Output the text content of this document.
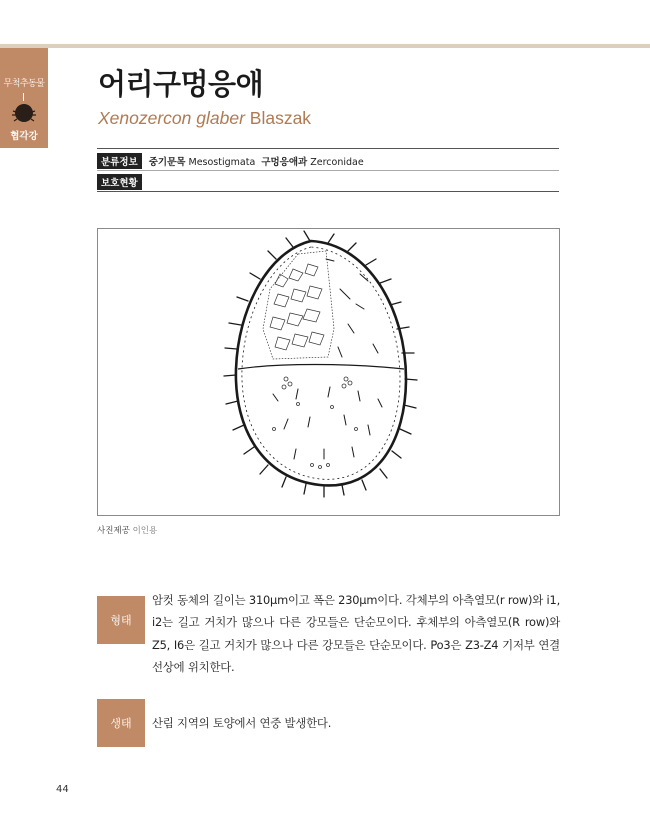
무척추동물
협각강
어리구멍응애
Xenozercon glaber Blaszak
분류정보 중기문목 Mesostigmata 구멍응애과 Zerconidae
보호현황
사진제공 이인용
형태
암컷 동체의 길이는 310μm이고 폭은 230μm이다. 각체부의 아측열모(r row)와 i1, i2는 길고 거치가 많으나 다른 강모들은 단순모이다. 후체부의 아측열모(R row)와 Z5, I6은 길고 거치가 많으나 다른 강모들은 단순모이다. Po3은 Z3-Z4 기저부 연결선상에 위치한다.
생태	산림 지역의 토양에서 연중 발생한다.
44
